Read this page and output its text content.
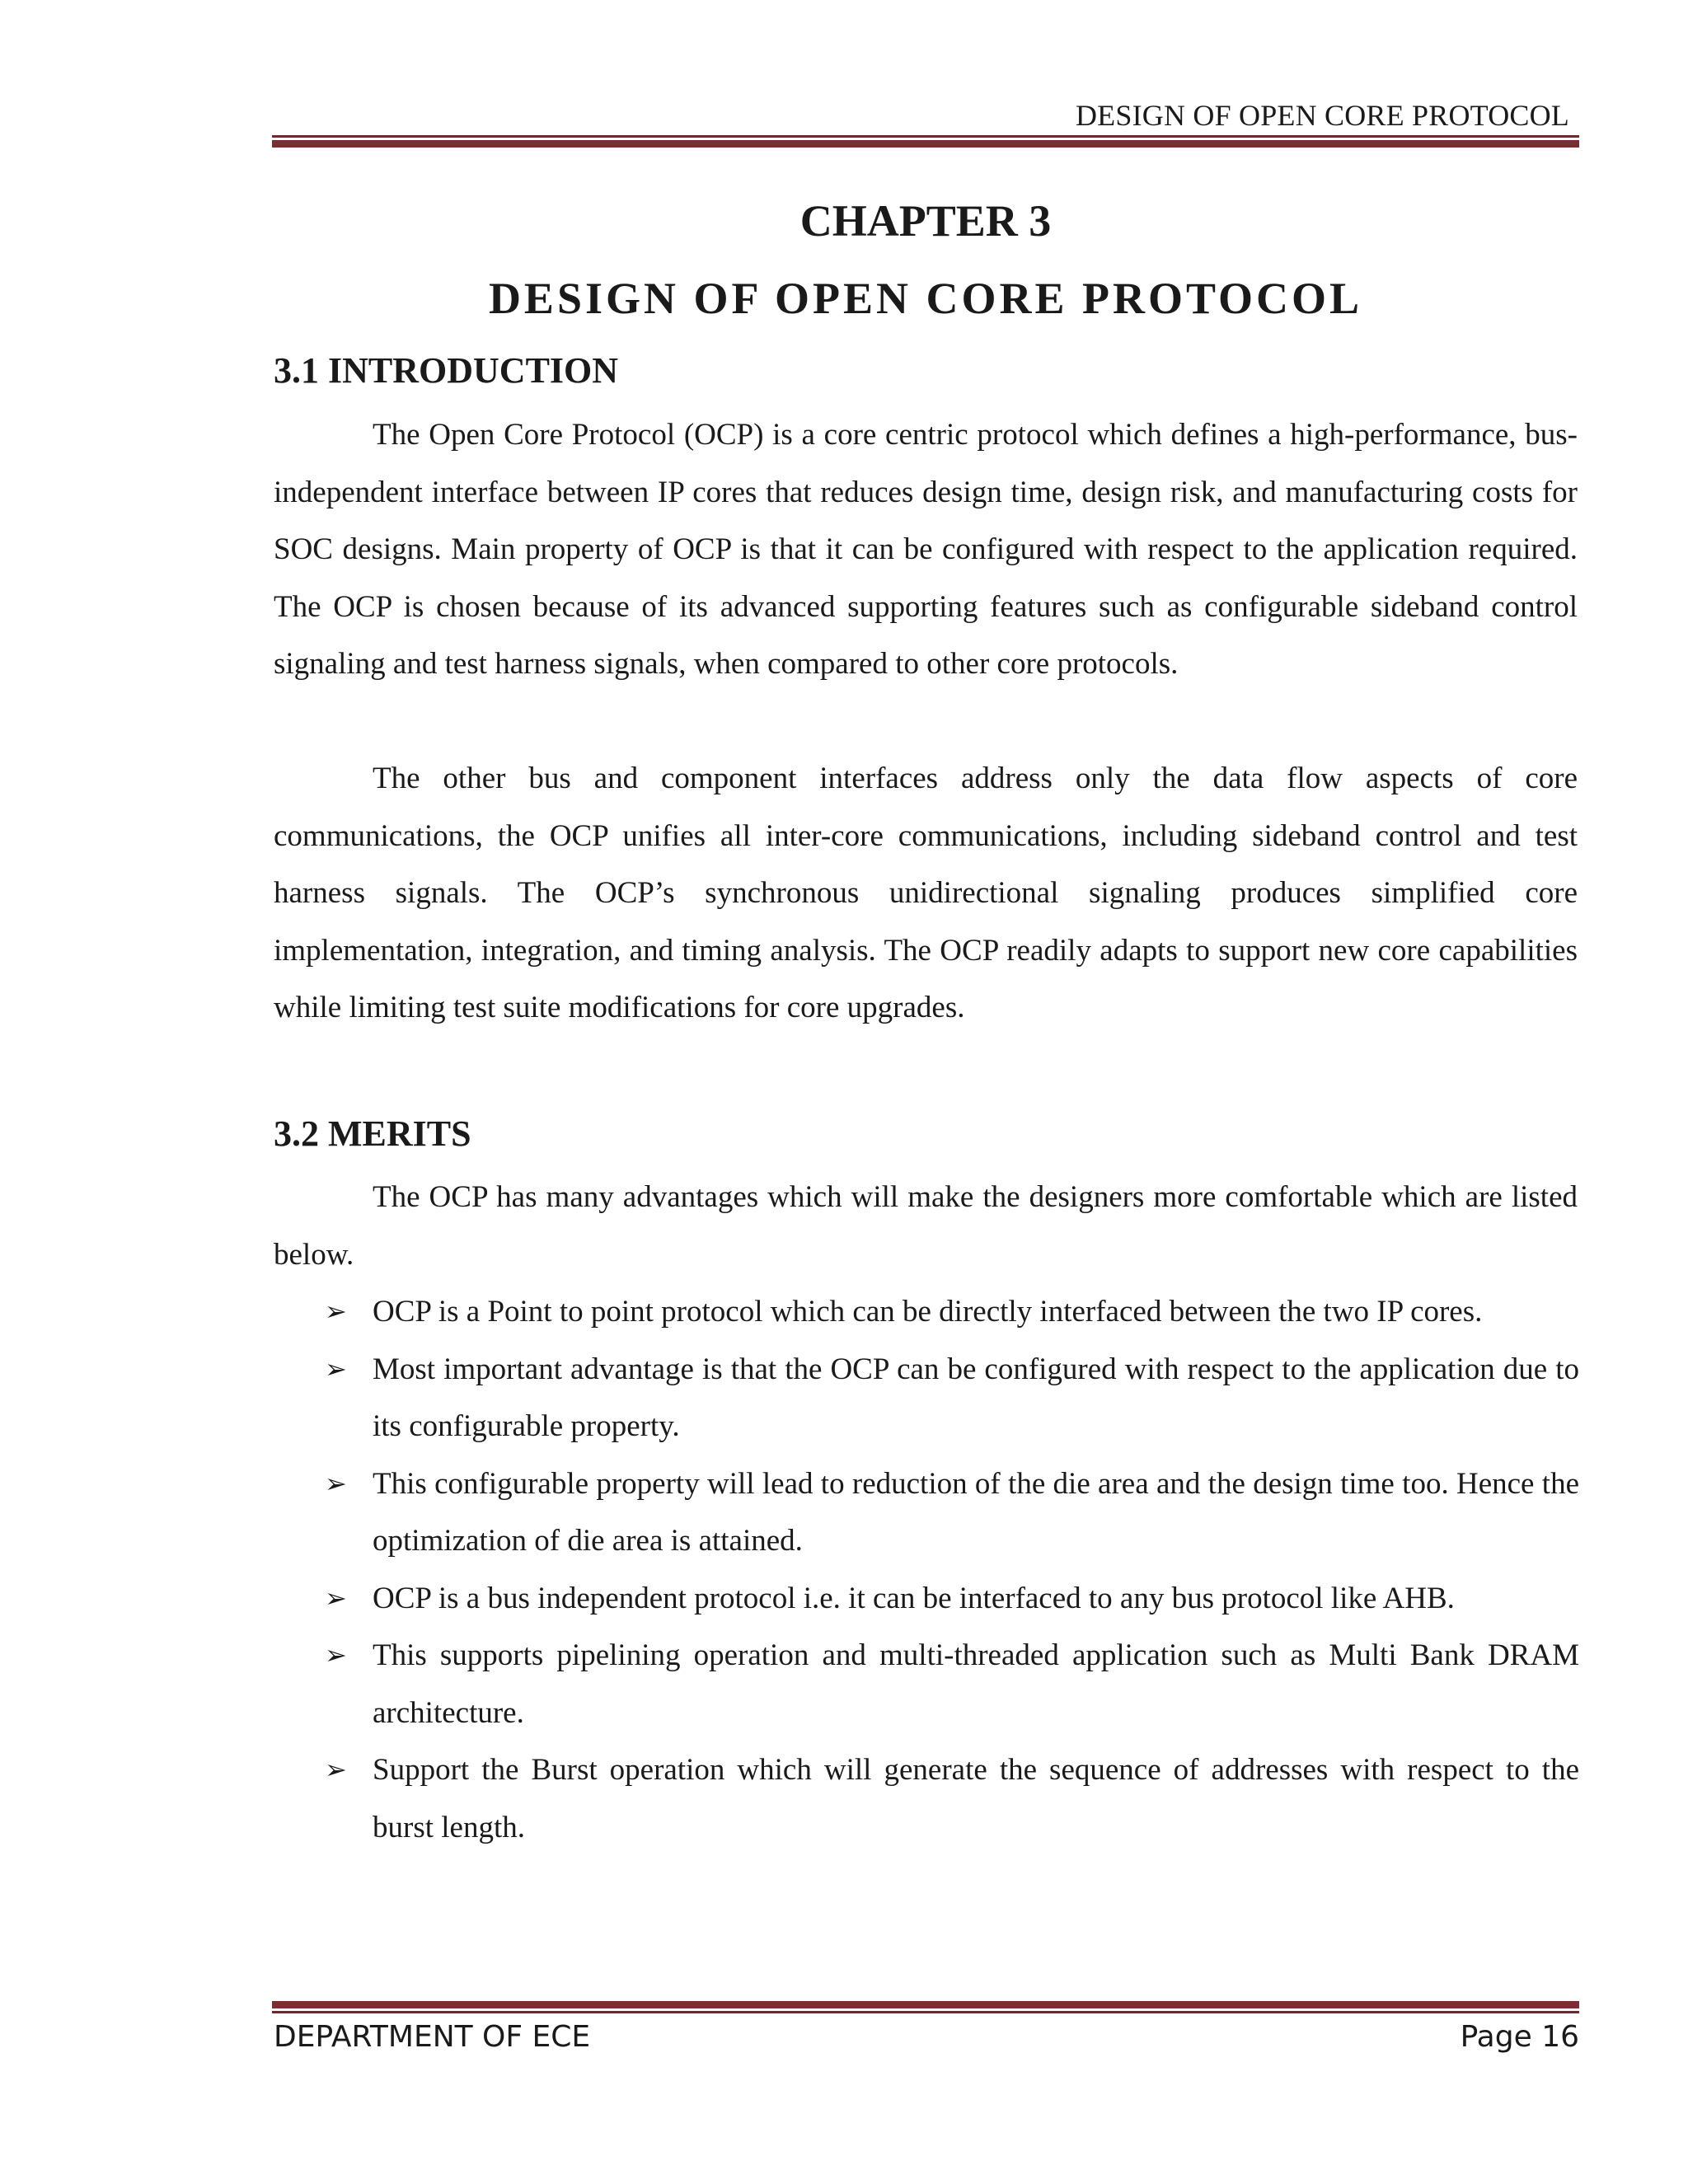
DESIGN OF OPEN CORE PROTOCOL
CHAPTER 3
DESIGN OF OPEN CORE PROTOCOL
3.1 INTRODUCTION

The Open Core Protocol (OCP) is a core centric protocol which defines a high-performance, bus-independent interface between IP cores that reduces design time, design risk, and manufacturing costs for SOC designs. Main property of OCP is that it can be configured with respect to the application required. The OCP is chosen because of its advanced supporting features such as configurable sideband control signaling and test harness signals, when compared to other core protocols.

The other bus and component interfaces address only the data flow aspects of core communications, the OCP unifies all inter-core communications, including sideband control and test harness signals. The OCP’s synchronous unidirectional signaling produces simplified core implementation, integration, and timing analysis. The OCP readily adapts to support new core capabilities while limiting test suite modifications for core upgrades.

3.2 MERITS

The OCP has many advantages which will make the designers more comfortable which are listed below.

➢ OCP is a Point to point protocol which can be directly interfaced between the two IP cores.
➢ Most important advantage is that the OCP can be configured with respect to the application due to its configurable property.
➢ This configurable property will lead to reduction of the die area and the design time too. Hence the optimization of die area is attained.
➢ OCP is a bus independent protocol i.e. it can be interfaced to any bus protocol like AHB.
➢ This supports pipelining operation and multi-threaded application such as Multi Bank DRAM architecture.
➢ Support the Burst operation which will generate the sequence of addresses with respect to the burst length.
DEPARTMENT OF ECE	Page 16
